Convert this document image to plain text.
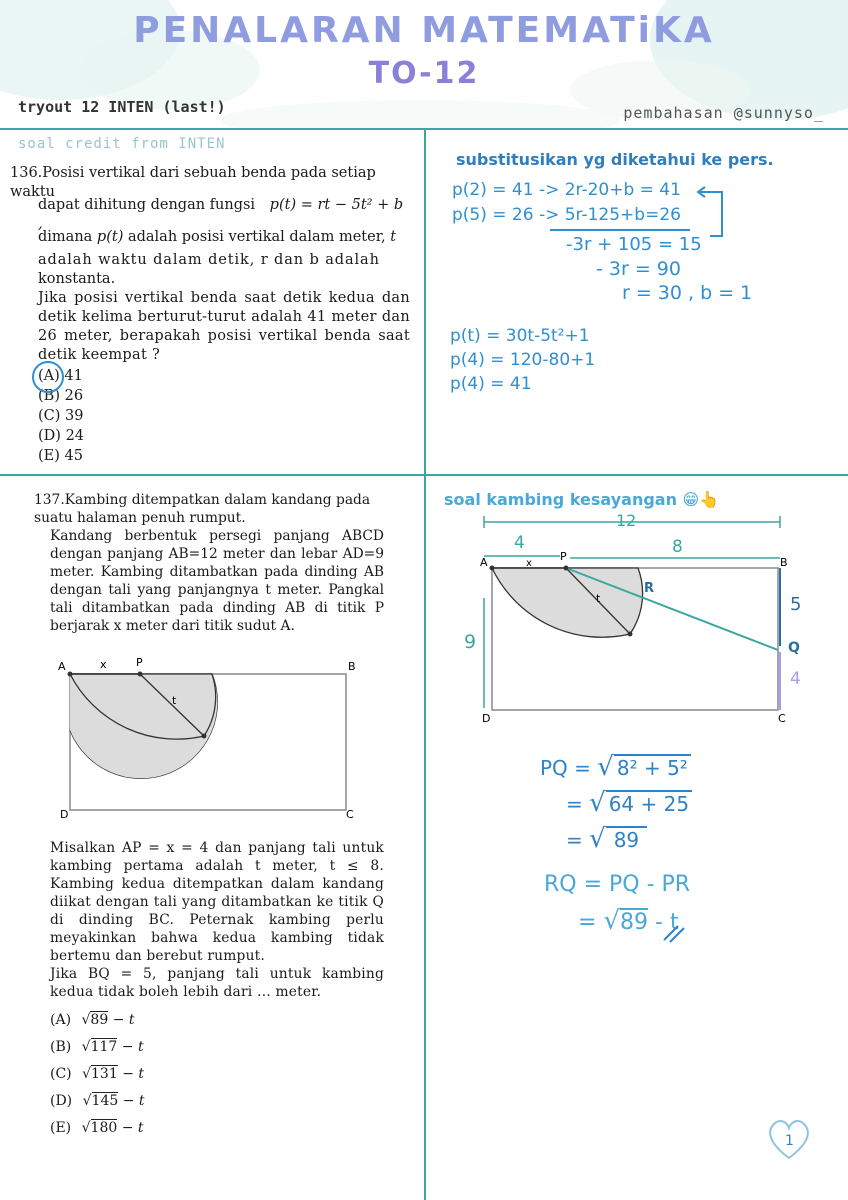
PENALARAN MATEMATiKA
TO-12
tryout 12 INTEN (last!)	pembahasan @sunnyso_
soal credit from INTEN

136.Posisi vertikal dari sebuah benda pada setiap waktu

dapat dihitung dengan fungsi p(t) = rt − 5t² + b ,

dimana p(t) adalah posisi vertikal dalam meter, t

adalah waktu dalam detik, r dan b adalah

konstanta.

Jika posisi vertikal benda saat detik kedua dan detik kelima berturut-turut adalah 41 meter dan 26 meter, berapakah posisi vertikal benda saat detik keempat ?

(A) 41
(B) 26
(C) 39
(D) 24
(E) 45
substitusikan yg diketahui ke pers.
p(2) = 41 -> 2r-20+b = 41
p(5) = 26 -> 5r-125+b=26
-3r + 105 = 15
- 3r = 90
r = 30 , b = 1
p(t) = 30t-5t²+1
p(4) = 120-80+1
p(4) = 41

137.Kambing ditempatkan dalam kandang pada suatu halaman penuh rumput.

Kandang berbentuk persegi panjang ABCD dengan panjang AB=12 meter dan lebar AD=9 meter. Kambing ditambatkan pada dinding AB dengan tali yang panjangnya t meter. Pangkal tali ditambatkan pada dinding AB di titik P berjarak x meter dari titik sudut A.

A	P
x
t
B
D	C

Misalkan AP = x = 4 dan panjang tali untuk kambing pertama adalah t meter, t ≤ 8. Kambing kedua ditempatkan dalam kandang diikat dengan tali yang ditambatkan ke titik Q di dinding BC. Peternak kambing perlu meyakinkan bahwa kedua kambing tidak bertemu dan berebut rumput.

Jika BQ = 5, panjang tali untuk kambing kedua tidak boleh lebih dari … meter.

(A) √89 − t
(B) √117 − t
(C) √131 − t
(D) √145 − t
(E) √180 − t
soal kambing kesayangan 😁👆
12
4	8
9
5
4
A	P
x
t
B
D	C
R
Q
PQ = √ 8² + 5²
= √ 64 + 25
= √ 89
RQ = PQ - PR
= √89 - t
1
